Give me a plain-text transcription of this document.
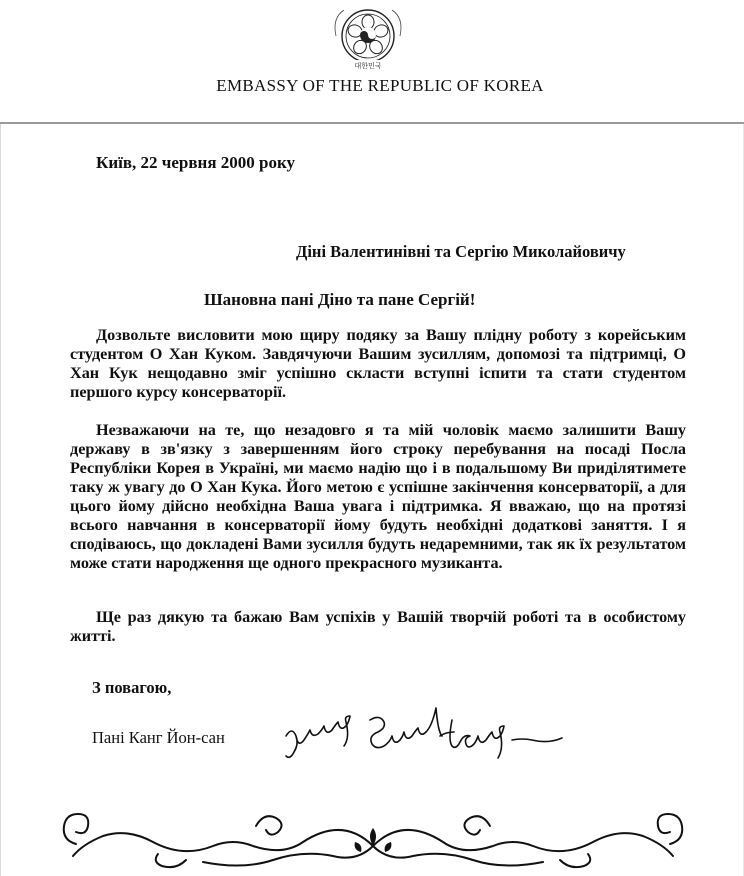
대한민국
EMBASSY OF THE REPUBLIC OF KOREA
Київ, 22 червня 2000 року
Діні Валентинівні та Сергію Миколайовичу
Шановна пані Діно та пане Сергій!
Дозвольте висловити мою щиру подяку за Вашу плідну роботу з корейським студентом О Хан Куком. Завдячуючи Вашим зусиллям, допомозі та підтримці, О Хан Кук нещодавно зміг успішно скласти вступні іспити та стати студентом першого курсу консерваторії.
Незважаючи на те, що незадовго я та мій чоловік маємо залишити Вашу державу в зв'язку з завершенням його строку перебування на посаді Посла Республіки Корея в Україні, ми маємо надію що і в подальшому Ви приділятимете таку ж увагу до О Хан Кука. Його метою є успішне закінчення консерваторії, а для цього йому дійсно необхідна Ваша увага і підтримка. Я вважаю, що на протязі всього навчання в консерваторії йому будуть необхідні додаткові заняття. І я сподіваюсь, що докладені Вами зусилля будуть недаремними, так як їх результатом може стати народження ще одного прекрасного музиканта.
Ще раз дякую та бажаю Вам успіхів у Вашій творчій роботі та в особистому житті.
З повагою,
Пані Канг Йон-сан
